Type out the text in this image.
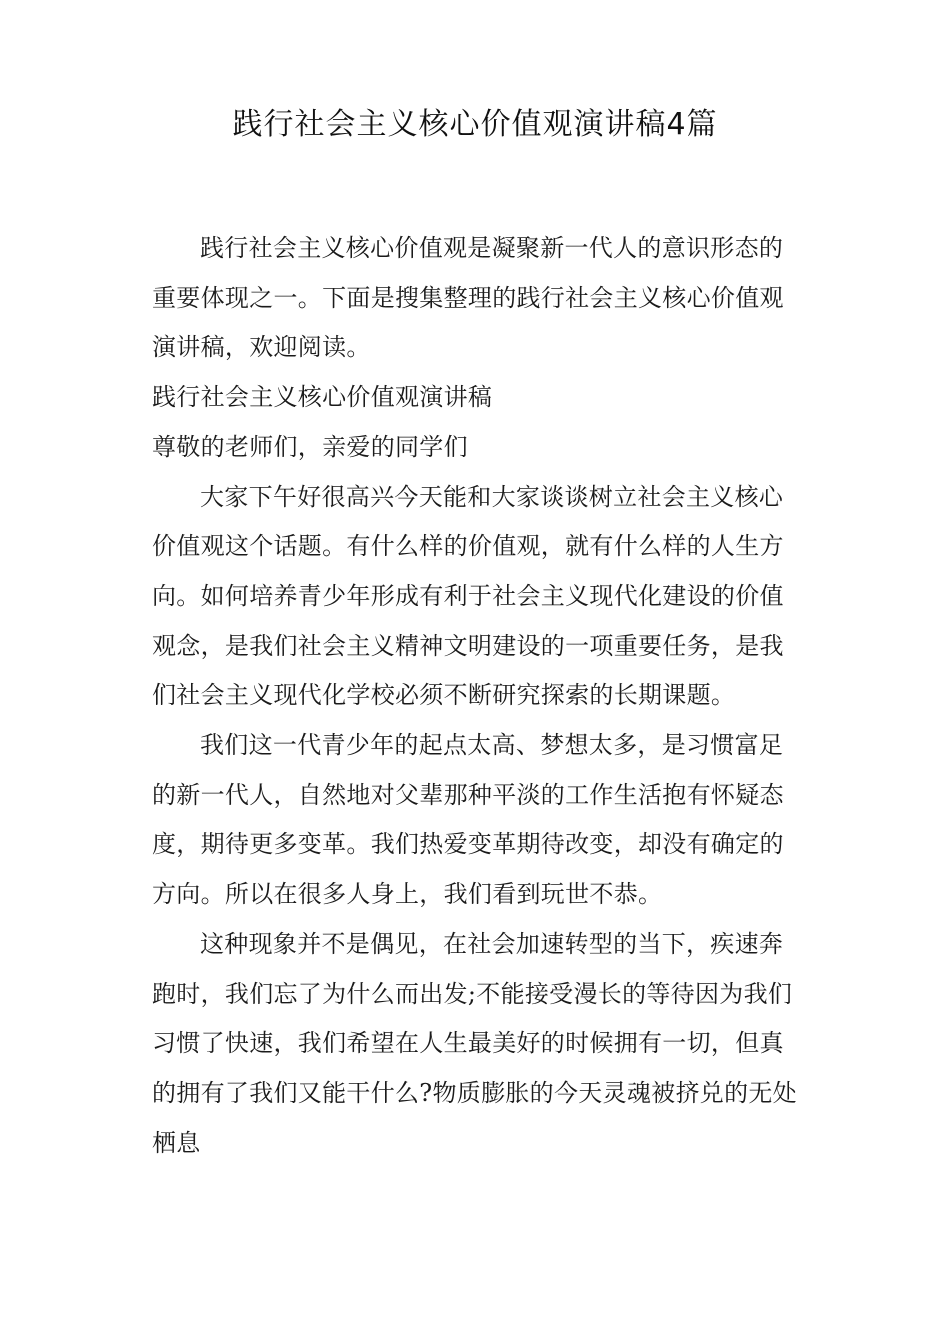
践行社会主义核心价值观演讲稿4篇

践行社会主义核心价值观是凝聚新一代人的意识形态的重要体现之一。下面是搜集整理的践行社会主义核心价值观演讲稿，欢迎阅读。

践行社会主义核心价值观演讲稿

尊敬的老师们，亲爱的同学们

大家下午好很高兴今天能和大家谈谈树立社会主义核心价值观这个话题。有什么样的价值观，就有什么样的人生方向。如何培养青少年形成有利于社会主义现代化建设的价值观念，是我们社会主义精神文明建设的一项重要任务，是我们社会主义现代化学校必须不断研究探索的长期课题。

我们这一代青少年的起点太高、梦想太多，是习惯富足的新一代人，自然地对父辈那种平淡的工作生活抱有怀疑态度，期待更多变革。我们热爱变革期待改变，却没有确定的方向。所以在很多人身上，我们看到玩世不恭。

这种现象并不是偶见，在社会加速转型的当下，疾速奔跑时，我们忘了为什么而出发;不能接受漫长的等待因为我们习惯了快速，我们希望在人生最美好的时候拥有一切，但真的拥有了我们又能干什么?物质膨胀的今天灵魂被挤兑的无处栖息
